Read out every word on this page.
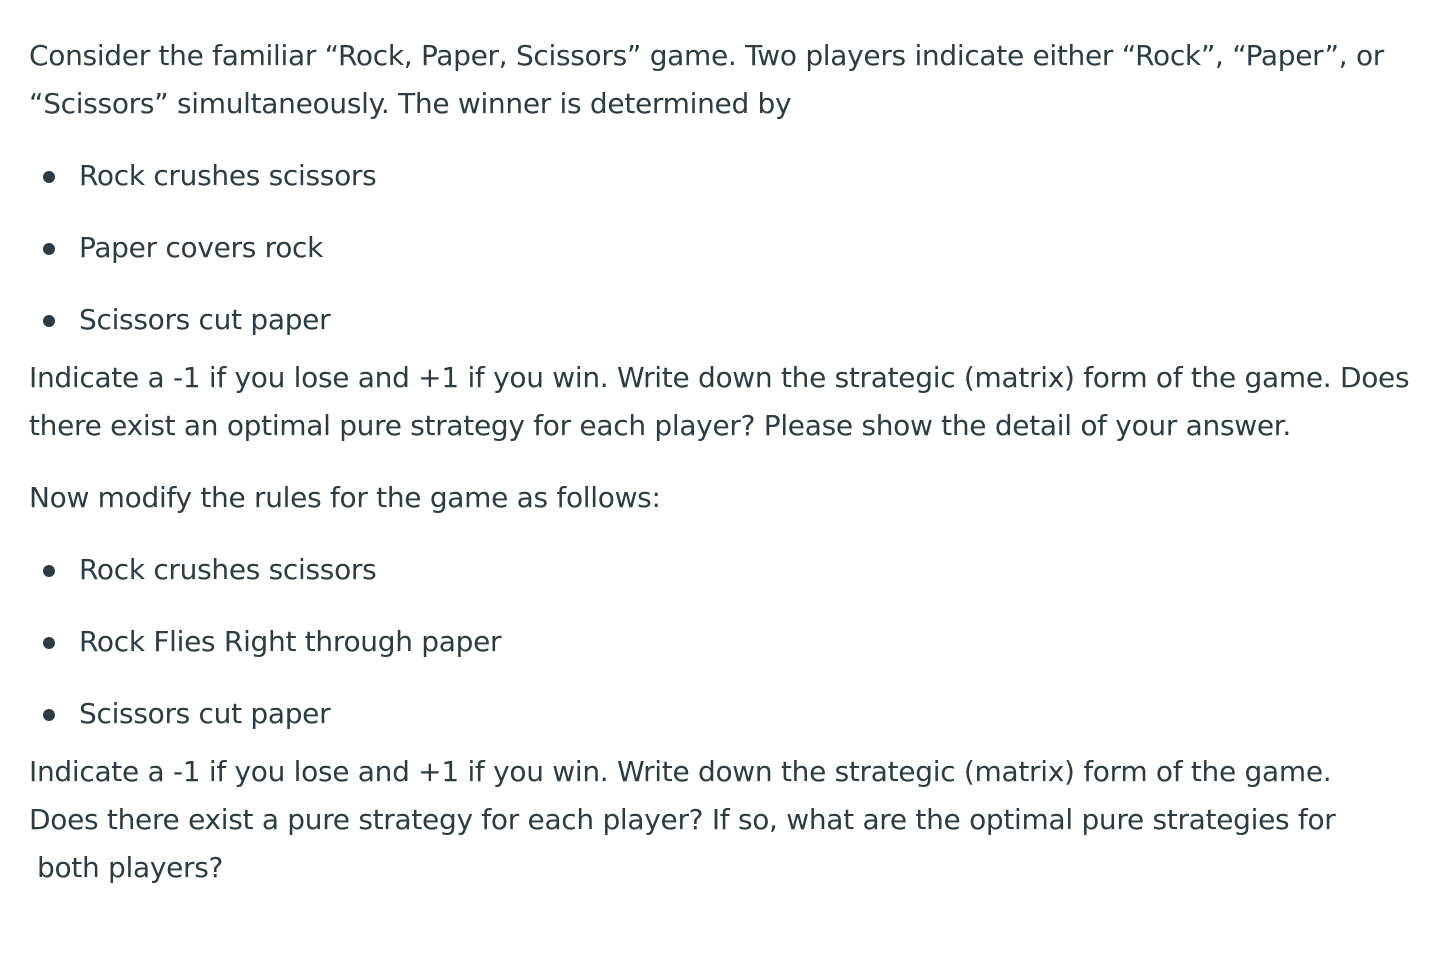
Consider the familiar “Rock, Paper, Scissors” game. Two players indicate either “Rock”, “Paper”, or “Scissors” simultaneously. The winner is determined by

Rock crushes scissors
Paper covers rock
Scissors cut paper

Indicate a -1 if you lose and +1 if you win. Write down the strategic (matrix) form of the game. Does there exist an optimal pure strategy for each player? Please show the detail of your answer.

Now modify the rules for the game as follows:

Rock crushes scissors
Rock Flies Right through paper
Scissors cut paper

Indicate a -1 if you lose and +1 if you win. Write down the strategic (matrix) form of the game.
Does there exist a pure strategy for each player? If so, what are the optimal pure strategies for

both players?
